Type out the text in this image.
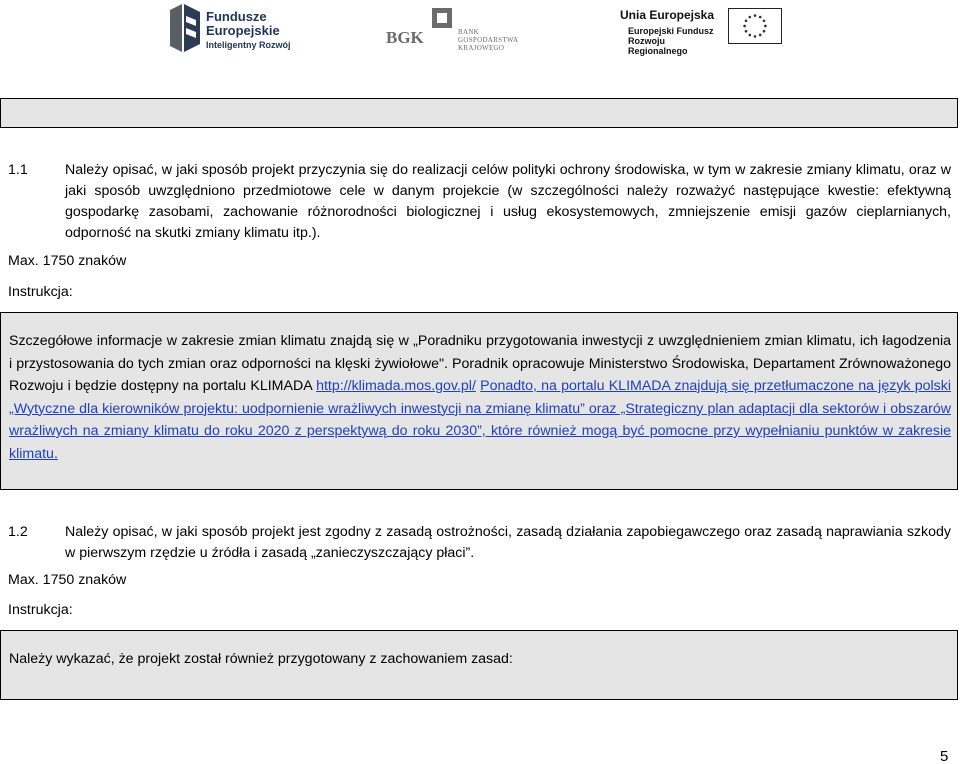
Fundusze Europejskie
Inteligentny Rozwój	BGK	BANK GOSPODARSTWA KRAJOWEGO
Unia Europejska
Europejski Fundusz Rozwoju Regionalnego
1.1	Należy opisać, w jaki sposób projekt przyczynia się do realizacji celów polityki ochrony środowiska, w tym w zakresie zmiany klimatu, oraz w jaki sposób uwzględniono przedmiotowe cele w danym projekcie (w szczególności należy rozważyć następujące kwestie: efektywną gospodarkę zasobami, zachowanie różnorodności biologicznej i usług ekosystemowych, zmniejszenie emisji gazów cieplarnianych, odporność na skutki zmiany klimatu itp.).
Max. 1750 znaków
Instrukcja:
Szczegółowe informacje w zakresie zmian klimatu znajdą się w „Poradniku przygotowania inwestycji z uwzględnieniem zmian klimatu, ich łagodzenia i przystosowania do tych zmian oraz odporności na klęski żywiołowe". Poradnik opracowuje Ministerstwo Środowiska, Departament Zrównoważonego Rozwoju i będzie dostępny na portalu KLIMADA http://klimada.mos.gov.pl/ Ponadto, na portalu KLIMADA znajdują się przetłumaczone na język polski „Wytyczne dla kierowników projektu: uodpornienie wrażliwych inwestycji na zmianę klimatu” oraz „Strategiczny plan adaptacji dla sektorów i obszarów wrażliwych na zmiany klimatu do roku 2020 z perspektywą do roku 2030”, które również mogą być pomocne przy wypełnianiu punktów w zakresie klimatu.
1.2	Należy opisać, w jaki sposób projekt jest zgodny z zasadą ostrożności, zasadą działania zapobiegawczego oraz zasadą naprawiania szkody w pierwszym rzędzie u źródła i zasadą „zanieczyszczający płaci”.
Max. 1750 znaków
Instrukcja:
Należy wykazać, że projekt został również przygotowany z zachowaniem zasad:
5
